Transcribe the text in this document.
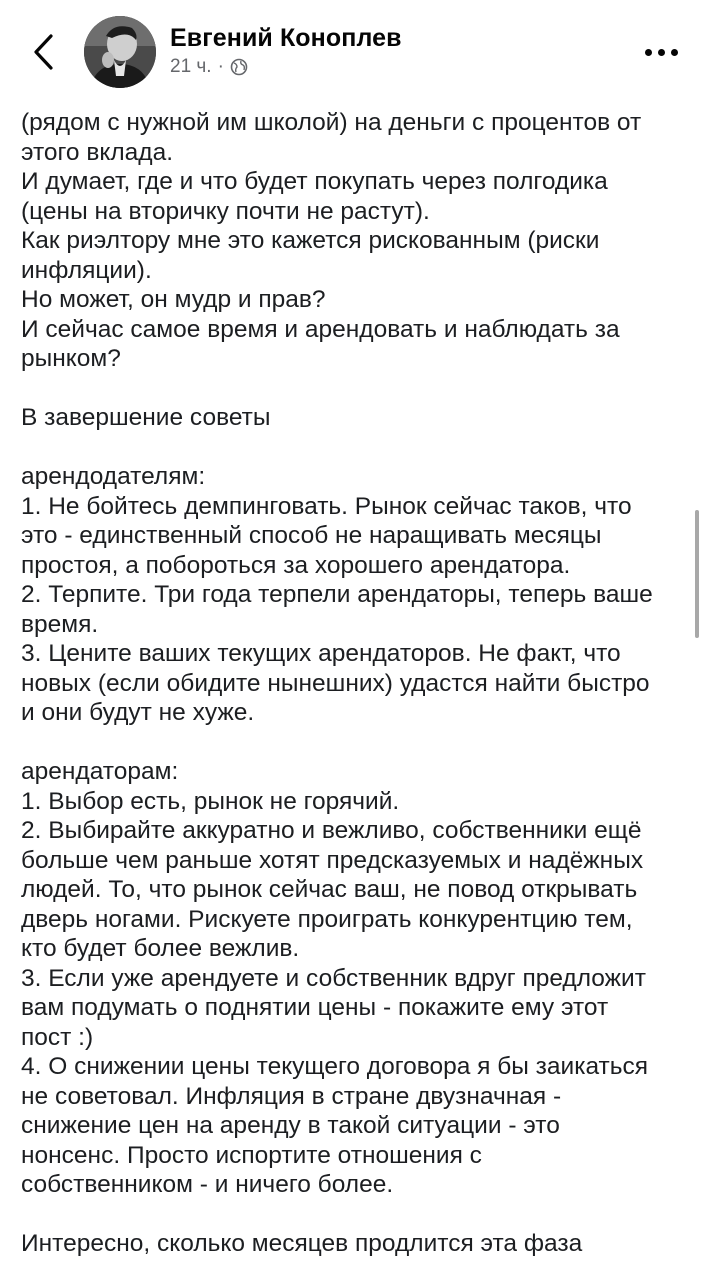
Евгений Коноплев
21 ч. ·
(рядом с нужной им школой) на деньги с процентов от
этого вклада.
И думает, где и что будет покупать через полгодика
(цены на вторичку почти не растут).
Как риэлтору мне это кажется рискованным (риски
инфляции).
Но может, он мудр и прав?
И сейчас самое время и арендовать и наблюдать за
рынком?
В завершение советы
арендодателям:
1. Не бойтесь демпинговать. Рынок сейчас таков, что
это - единственный способ не наращивать месяцы
простоя, а побороться за хорошего арендатора.
2. Терпите. Три года терпели арендаторы, теперь ваше
время.
3. Цените ваших текущих арендаторов. Не факт, что
новых (если обидите нынешних) удастся найти быстро
и они будут не хуже.
арендаторам:
1. Выбор есть, рынок не горячий.
2. Выбирайте аккуратно и вежливо, собственники ещё
больше чем раньше хотят предсказуемых и надёжных
людей. То, что рынок сейчас ваш, не повод открывать
дверь ногами. Рискуете проиграть конкурентцию тем,
кто будет более вежлив.
3. Если уже арендуете и собственник вдруг предложит
вам подумать о поднятии цены - покажите ему этот
пост :)
4. О снижении цены текущего договора я бы заикаться
не советовал. Инфляция в стране двузначная -
снижение цен на аренду в такой ситуации - это
нонсенс. Просто испортите отношения с
собственником - и ничего более.
Интересно, сколько месяцев продлится эта фаза
